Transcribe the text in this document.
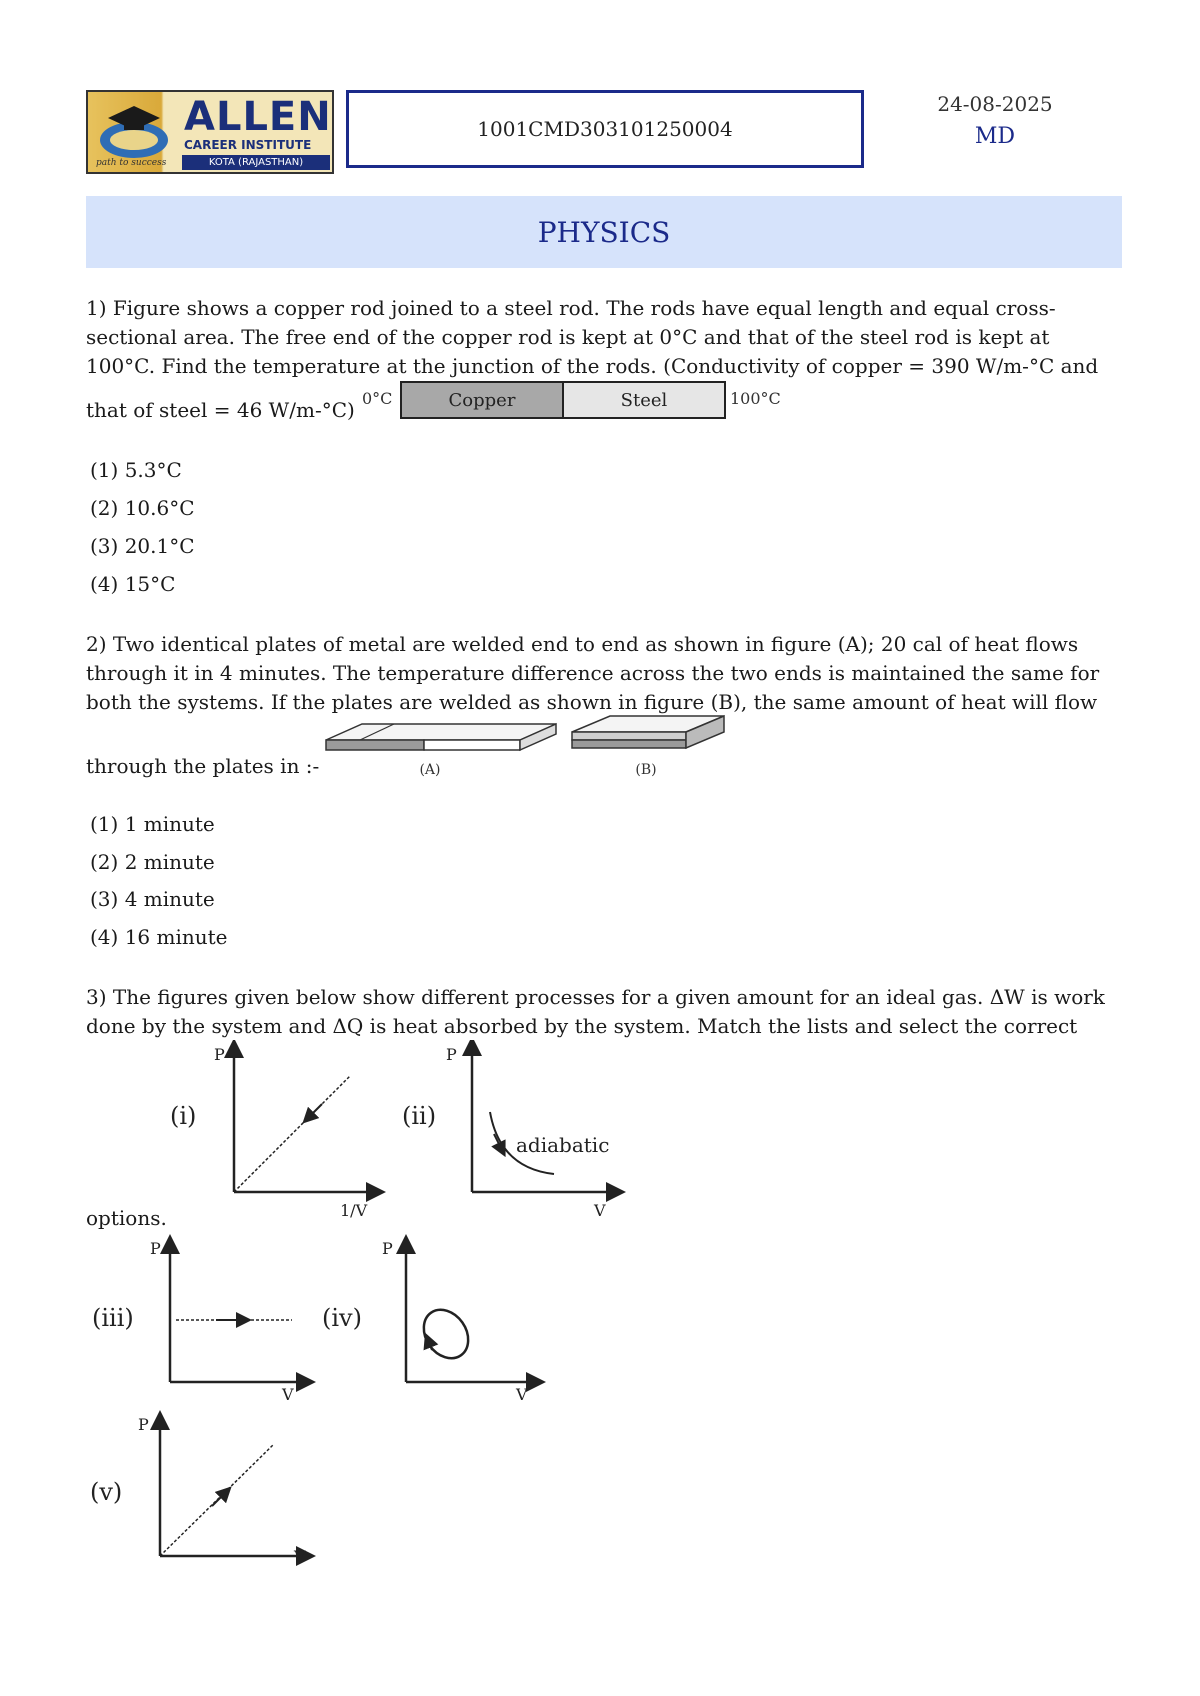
ALLEN
CAREER INSTITUTE
KOTA (RAJASTHAN)
path to success
1001CMD303101250004
24-08-2025
MD
PHYSICS
1) Figure shows a copper rod joined to a steel rod. The rods have equal length and equal cross-sectional area. The free end of the copper rod is kept at 0°C and that of the steel rod is kept at 100°C. Find the temperature at the junction of the rods. (Conductivity of copper = 390 W/m-°C and
that of steel = 46 W/m-°C) 0°C	Copper	Steel	100°C
(1) 5.3°C
(2) 10.6°C
(3) 20.1°C
(4) 15°C
2) Two identical plates of metal are welded end to end as shown in figure (A); 20 cal of heat flows through it in 4 minutes. The temperature difference across the two ends is maintained the same for both the systems. If the plates are welded as shown in figure (B), the same amount of heat will flow
through the plates in :-	(A)	(B)
(1) 1 minute
(2) 2 minute
(3) 4 minute
(4) 16 minute
3) The figures given below show different processes for a given amount for an ideal gas. ΔW is work done by the system and ΔQ is heat absorbed by the system. Match the lists and select the correct
(i)
P
1/V
(ii)
P
V
adiabatic
options.
(iii)
P
V
(iv)
P
V
(v)
P
V
